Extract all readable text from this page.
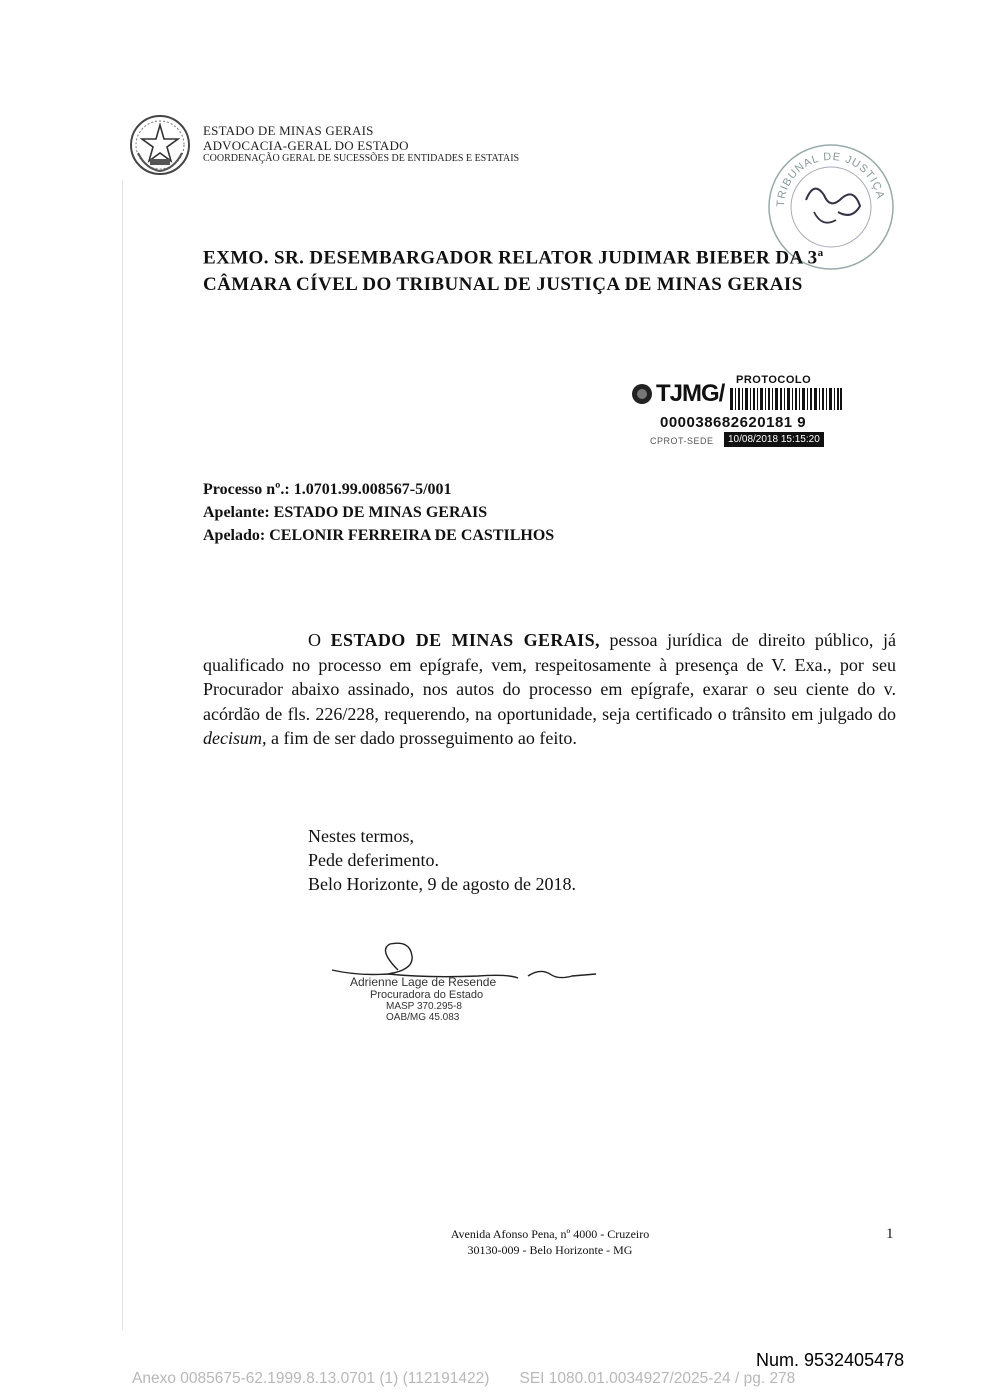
ESTADO DE MINAS GERAIS
ADVOCACIA-GERAL DO ESTADO
COORDENAÇÃO GERAL DE SUCESSÕES DE ENTIDADES E ESTATAIS
TRIBUNAL DE JUSTIÇA
EXMO. SR. DESEMBARGADOR RELATOR JUDIMAR BIEBER DA 3$^a$
CÂMARA CÍVEL DO TRIBUNAL DE JUSTIÇA DE MINAS GERAIS
TJMG/ PROTOCOLO
000038682620181 9
CPROT-SEDE	10/08/2018 15:15:20
Processo nº.: 1.0701.99.008567-5/001
Apelante: ESTADO DE MINAS GERAIS
Apelado: CELONIR FERREIRA DE CASTILHOS
O ESTADO DE MINAS GERAIS, pessoa jurídica de direito público, já qualificado no processo em epígrafe, vem, respeitosamente à presença de V. Exa., por seu Procurador abaixo assinado, nos autos do processo em epígrafe, exarar o seu ciente do v. acórdão de fls. 226/228, requerendo, na oportunidade, seja certificado o trânsito em julgado do decisum, a fim de ser dado prosseguimento ao feito.
Nestes termos,
Pede deferimento.
Belo Horizonte, 9 de agosto de 2018.
Adrienne Lage de Resende
Procuradora do Estado
MASP 370.295-8
OAB/MG 45.083
Avenida Afonso Pena, nº 4000 - Cruzeiro
30130-009 - Belo Horizonte - MG
1
Num. 9532405478
Anexo 0085675-62.1999.8.13.0701 (1) (112191422)       SEI 1080.01.0034927/2025-24 / pg. 278
